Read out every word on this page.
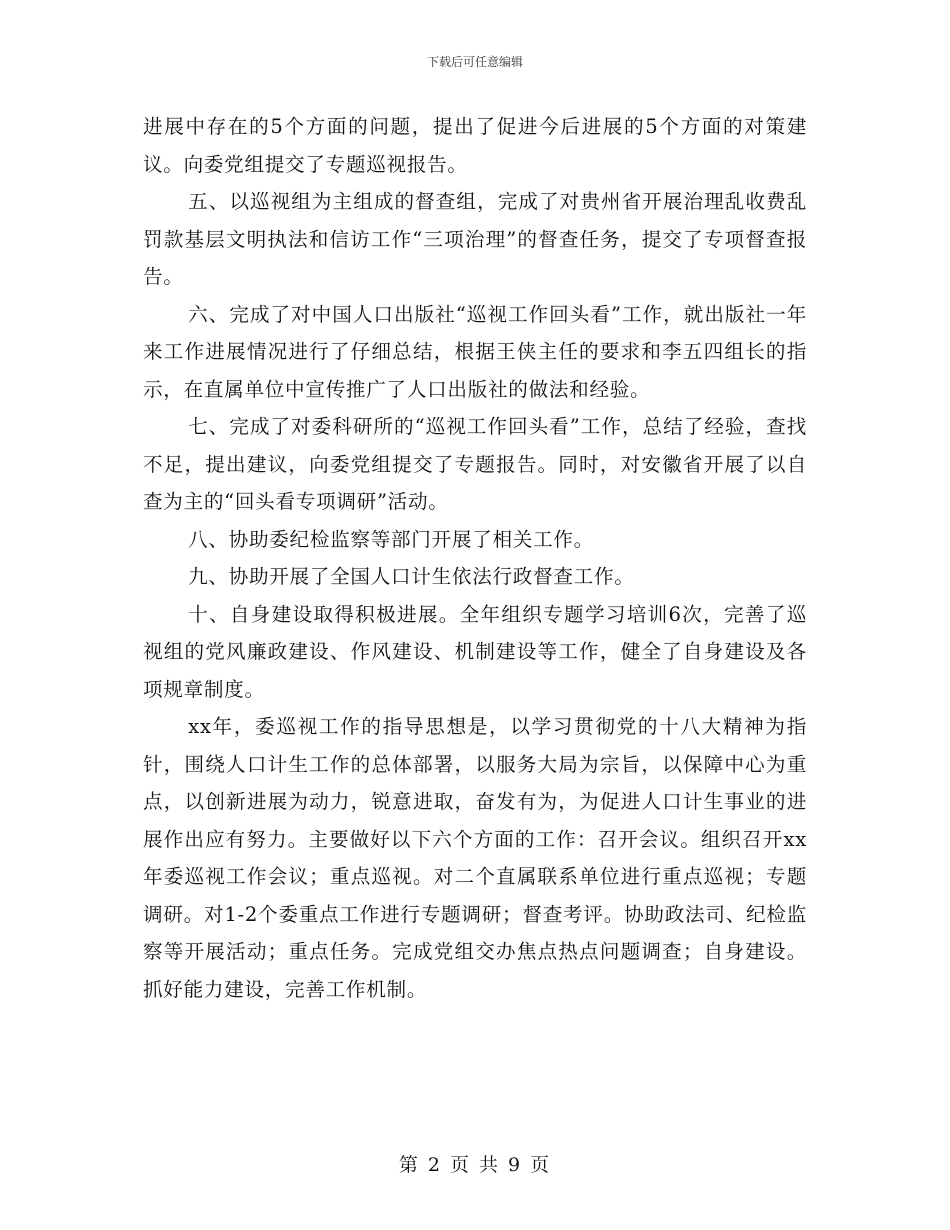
下载后可任意编辑

进展中存在的5个方面的问题，提出了促进今后进展的5个方面的对策建议。向委党组提交了专题巡视报告。

五、以巡视组为主组成的督查组，完成了对贵州省开展治理乱收费乱罚款基层文明执法和信访工作“三项治理”的督查任务，提交了专项督查报告。

六、完成了对中国人口出版社“巡视工作回头看”工作，就出版社一年来工作进展情况进行了仔细总结，根据王侠主任的要求和李五四组长的指示，在直属单位中宣传推广了人口出版社的做法和经验。

七、完成了对委科研所的“巡视工作回头看”工作，总结了经验，查找不足，提出建议，向委党组提交了专题报告。同时，对安徽省开展了以自查为主的“回头看专项调研”活动。

八、协助委纪检监察等部门开展了相关工作。

九、协助开展了全国人口计生依法行政督查工作。

十、自身建设取得积极进展。全年组织专题学习培训6次，完善了巡视组的党风廉政建设、作风建设、机制建设等工作，健全了自身建设及各项规章制度。

xx年，委巡视工作的指导思想是，以学习贯彻党的十八大精神为指针，围绕人口计生工作的总体部署，以服务大局为宗旨，以保障中心为重点，以创新进展为动力，锐意进取，奋发有为，为促进人口计生事业的进展作出应有努力。主要做好以下六个方面的工作：召开会议。组织召开xx年委巡视工作会议；重点巡视。对二个直属联系单位进行重点巡视；专题调研。对1-2个委重点工作进行专题调研；督查考评。协助政法司、纪检监察等开展活动；重点任务。完成党组交办焦点热点问题调查；自身建设。抓好能力建设，完善工作机制。

第 2 页 共 9 页
